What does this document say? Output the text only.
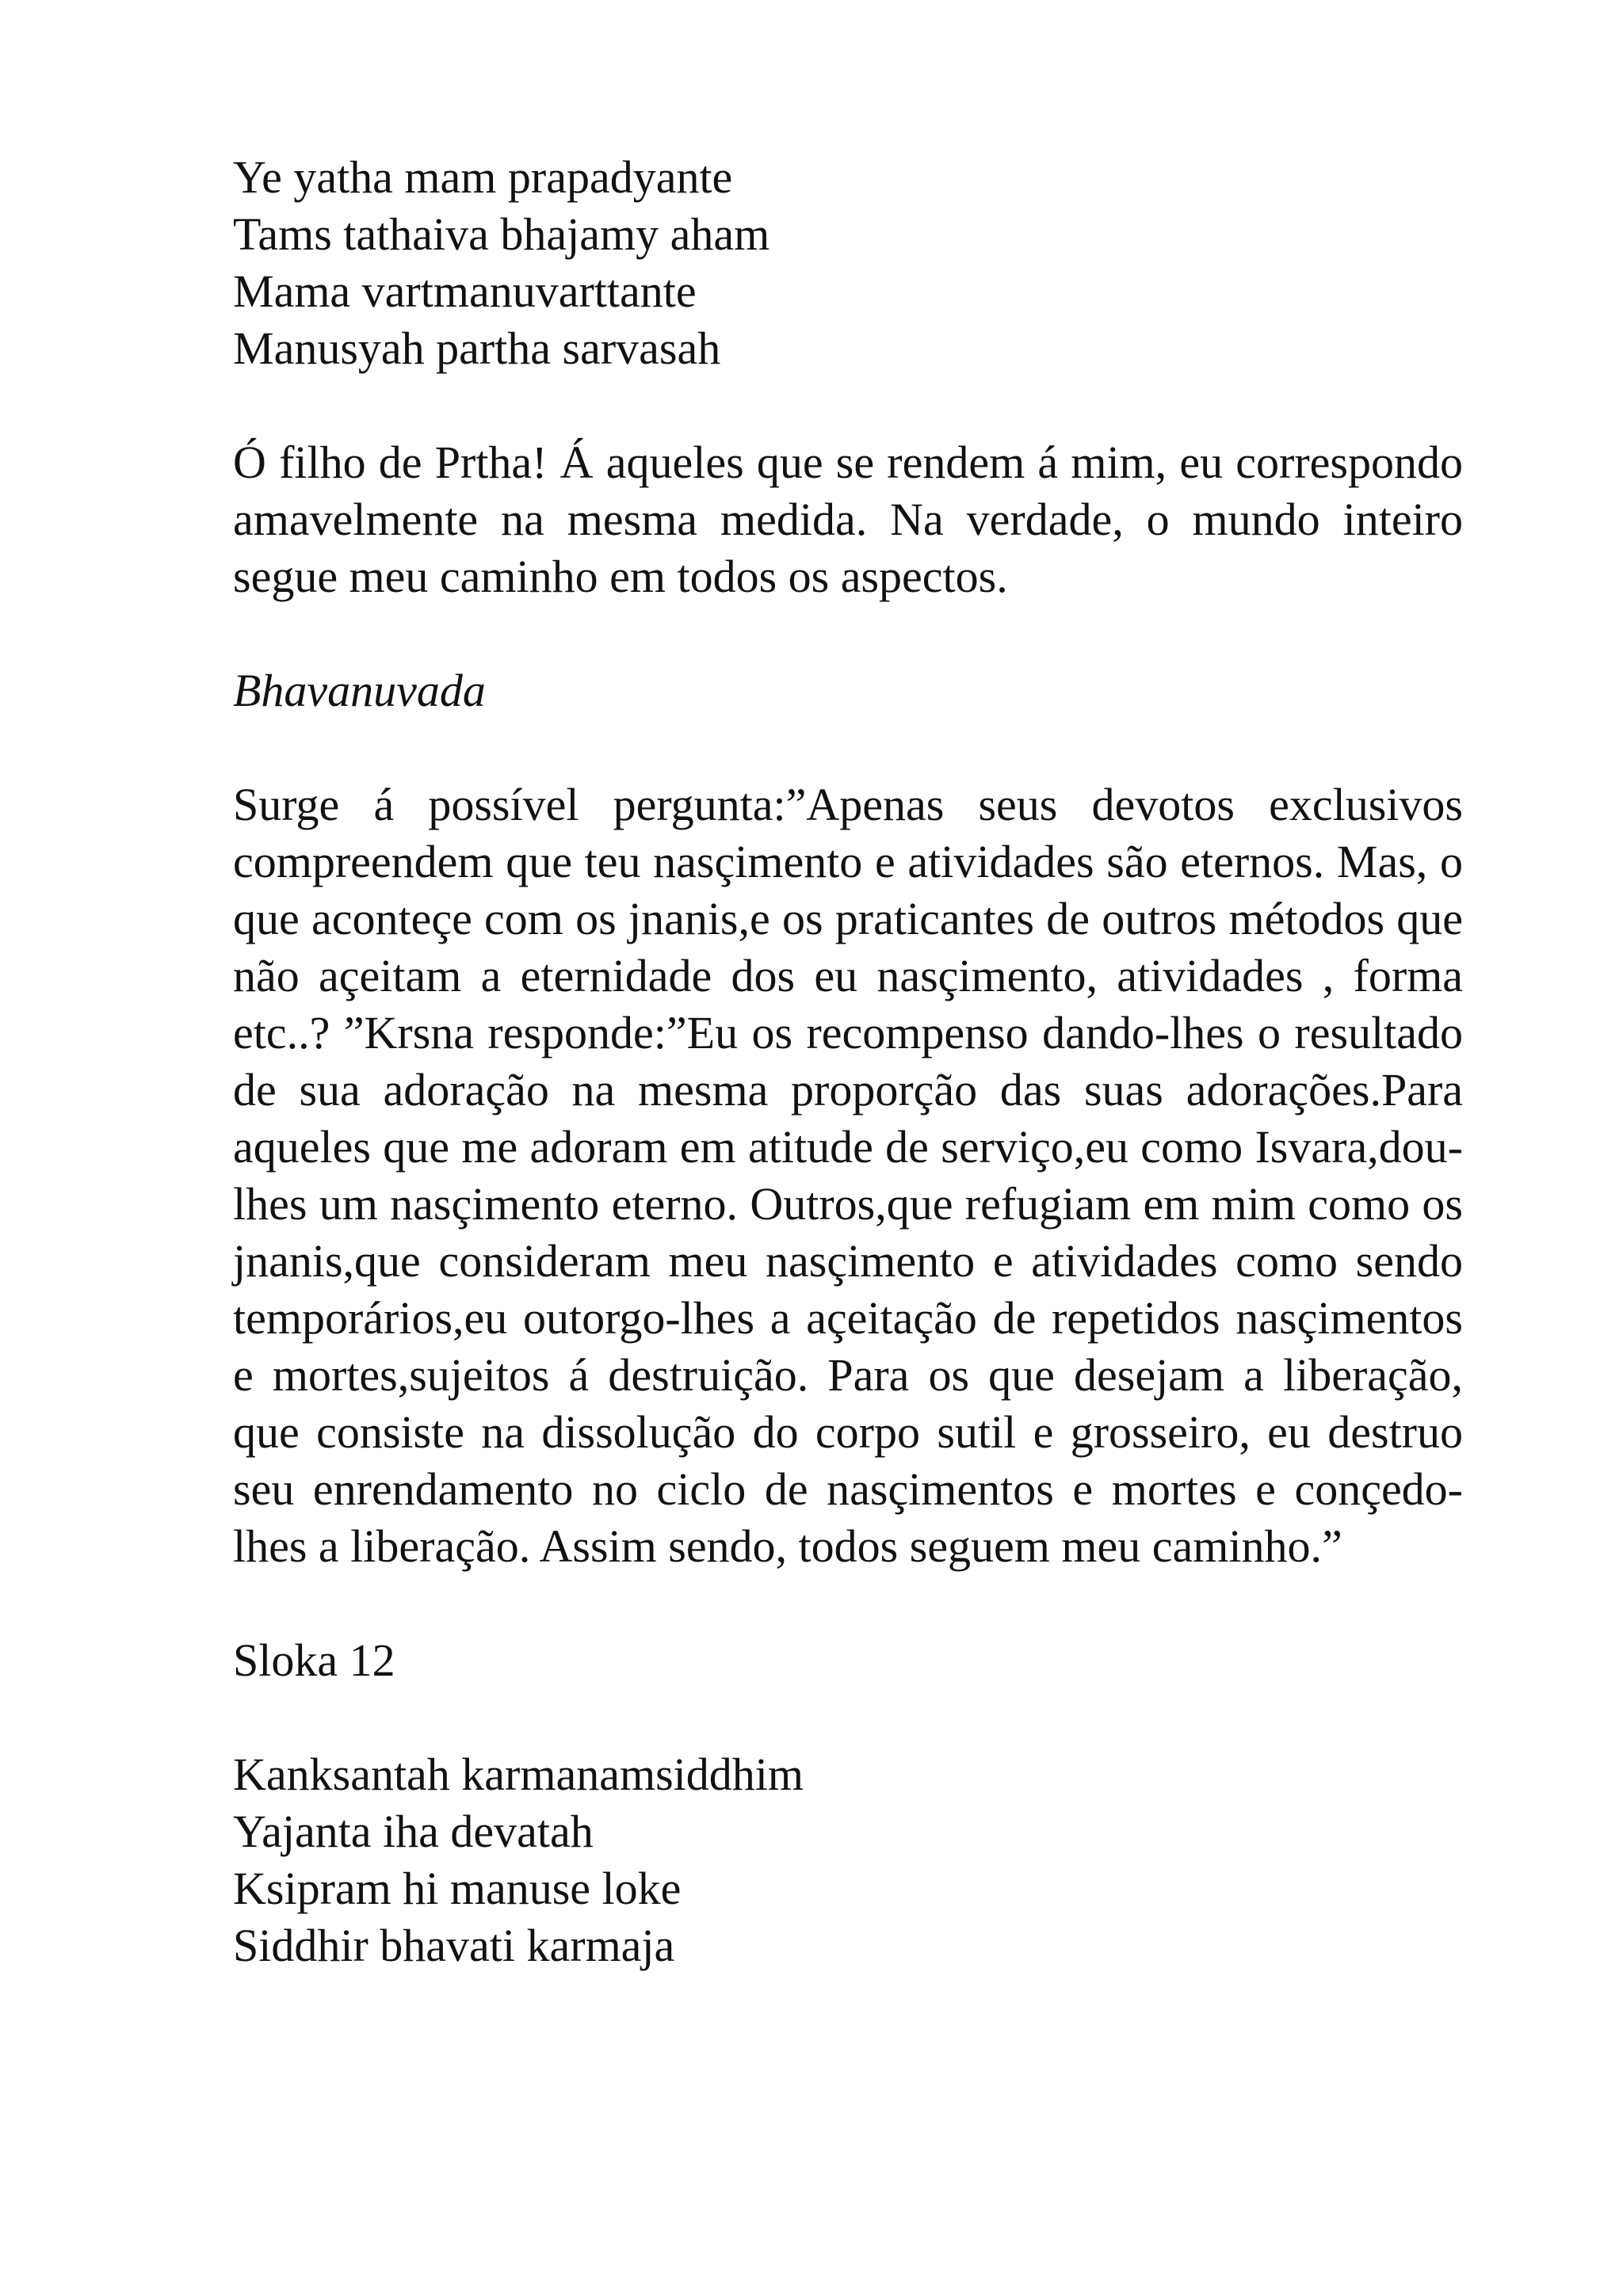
Ye yatha mam prapadyante
Tams tathaiva bhajamy aham
Mama vartmanuvarttante
Manusyah partha sarvasah

Ó filho de Prtha! Á aqueles que se rendem á mim, eu correspondo amavelmente na mesma medida. Na verdade, o mundo inteiro segue meu caminho em todos os aspectos.

Bhavanuvada

Surge á possível pergunta:”Apenas seus devotos exclusivos compreendem que teu nasçimento e atividades são eternos. Mas, o que aconteçe com os jnanis,e os praticantes de outros métodos que não açeitam a eternidade dos eu nasçimento, atividades , forma etc..? ”Krsna responde:”Eu os recompenso dando-lhes o resultado de sua adoração na mesma proporção das suas adorações.Para aqueles que me adoram em atitude de serviço,eu como Isvara,dou-lhes um nasçimento eterno. Outros,que refugiam em mim como os jnanis,que consideram meu nasçimento e atividades como sendo temporários,eu outorgo-lhes a açeitação de repetidos nasçimentos e mortes,sujeitos á destruição. Para os que desejam a liberação, que consiste na dissolução do corpo sutil e grosseiro, eu destruo seu enrendamento no ciclo de nasçimentos e mortes e conçedo-lhes a liberação. Assim sendo, todos seguem meu caminho.”

Sloka 12

Kanksantah karmanamsiddhim
Yajanta iha devatah
Ksipram hi manuse loke
Siddhir bhavati karmaja
